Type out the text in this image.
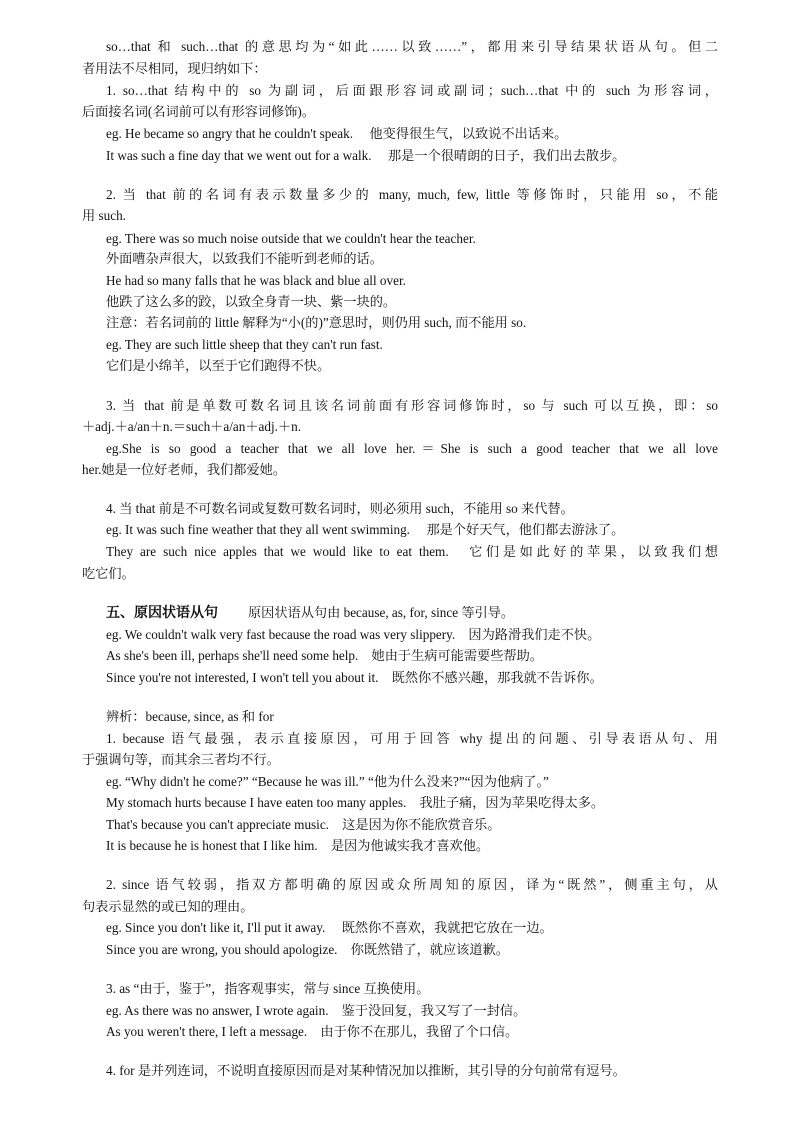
so…that 和 such…that 的意思均为“如此……以致……”，都用来引导结果状语从句。但二
者用法不尽相同，现归纳如下：
1. so…that 结构中的 so 为副词，后面跟形容词或副词；such…that 中的 such 为形容词，
后面接名词(名词前可以有形容词修饰)。
eg. He became so angry that he couldn't speak.　 他变得很生气，以致说不出话来。
It was such a fine day that we went out for a walk.　 那是一个很晴朗的日子，我们出去散步。
2. 当 that 前的名词有表示数量多少的 many, much, few, little 等修饰时，只能用 so，不能
用 such.
eg. There was so much noise outside that we couldn't hear the teacher.
外面嘈杂声很大，以致我们不能听到老师的话。
He had so many falls that he was black and blue all over.
他跌了这么多的跤，以致全身青一块、紫一块的。
注意：若名词前的 little 解释为“小(的)”意思时，则仍用 such, 而不能用 so.
eg. They are such little sheep that they can't run fast.
它们是小绵羊，以至于它们跑得不快。
3. 当 that 前是单数可数名词且该名词前面有形容词修饰时，so 与 such 可以互换，即：so
＋adj.＋a/an＋n.＝such＋a/an＋adj.＋n.
eg.She is so good a teacher that we all love her.＝She is such a good teacher that we all love
her.她是一位好老师，我们都爱她。
4. 当 that 前是不可数名词或复数可数名词时，则必须用 such，不能用 so 来代替。
eg. It was such fine weather that they all went swimming.　 那是个好天气，他们都去游泳了。
They are such nice apples that we would like to eat them.　它们是如此好的苹果，以致我们想
吃它们。
五、原因状语从句 原因状语从句由 because, as, for, since 等引导。
eg. We couldn't walk very fast because the road was very slippery.　因为路滑我们走不快。
As she's been ill, perhaps she'll need some help.　她由于生病可能需要些帮助。
Since you're not interested, I won't tell you about it.　既然你不感兴趣，那我就不告诉你。
辨析：because, since, as 和 for
1. because 语气最强，表示直接原因，可用于回答 why 提出的问题、引导表语从句、用
于强调句等，而其余三者均不行。
eg. “Why didn't he come?” “Because he was ill.” “他为什么没来?”“因为他病了。”
My stomach hurts because I have eaten too many apples.　我肚子痛，因为苹果吃得太多。
That's because you can't appreciate music.　这是因为你不能欣赏音乐。
It is because he is honest that I like him.　是因为他诚实我才喜欢他。
2. since 语气较弱，指双方都明确的原因或众所周知的原因，译为“既然”，侧重主句，从
句表示显然的或已知的理由。
eg. Since you don't like it, I'll put it away.　 既然你不喜欢，我就把它放在一边。
Since you are wrong, you should apologize.　你既然错了，就应该道歉。
3. as “由于，鉴于”，指客观事实，常与 since 互换使用。
eg. As there was no answer, I wrote again.　鉴于没回复，我又写了一封信。
As you weren't there, I left a message.　由于你不在那儿，我留了个口信。
4. for 是并列连词，不说明直接原因而是对某种情况加以推断，其引导的分句前常有逗号。
